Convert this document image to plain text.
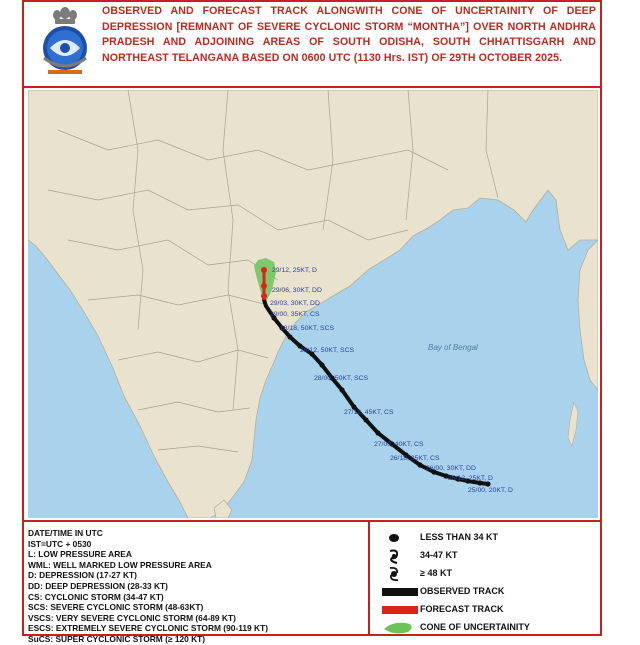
OBSERVED AND FORECAST TRACK ALONGWITH CONE OF UNCERTAINITY OF DEEP DEPRESSION [REMNANT OF SEVERE CYCLONIC STORM “MONTHA”] OVER NORTH ANDHRA PRADESH AND ADJOINING AREAS OF SOUTH ODISHA, SOUTH CHHATTISGARH AND NORTHEAST TELANGANA BASED ON 0600 UTC (1130 Hrs. IST) OF 29TH OCTOBER 2025.
Bay of Bengal
29/12, 25KT, D
29/06, 30KT, DD
29/03, 30KT, DD
29/00, 35KT, CS
28/18, 50KT, SCS
28/12, 50KT, SCS
28/00, 50KT, SCS
27/12, 45KT, CS
27/00, 40KT, CS
26/18, 35KT, CS
26/00, 30KT, DD
25/12, 25KT, D
25/00, 20KT, D
DATE/TIME IN UTC
IST=UTC + 0530
L: LOW PRESSURE AREA
WML: WELL MARKED LOW PRESSURE AREA
D: DEPRESSION (17-27 KT)
DD: DEEP DEPRESSION (28-33 KT)
CS: CYCLONIC STORM (34-47 KT)
SCS: SEVERE CYCLONIC STORM (48-63KT)
VSCS: VERY SEVERE CYCLONIC STORM (64-89 KT)
ESCS: EXTREMELY SEVERE CYCLONIC STORM (90-119 KT)
SuCS: SUPER CYCLONIC STORM (≥ 120 KT)
LESS THAN 34 KT
34-47 KT
≥ 48 KT
OBSERVED TRACK
FORECAST TRACK
CONE OF UNCERTAINITY
